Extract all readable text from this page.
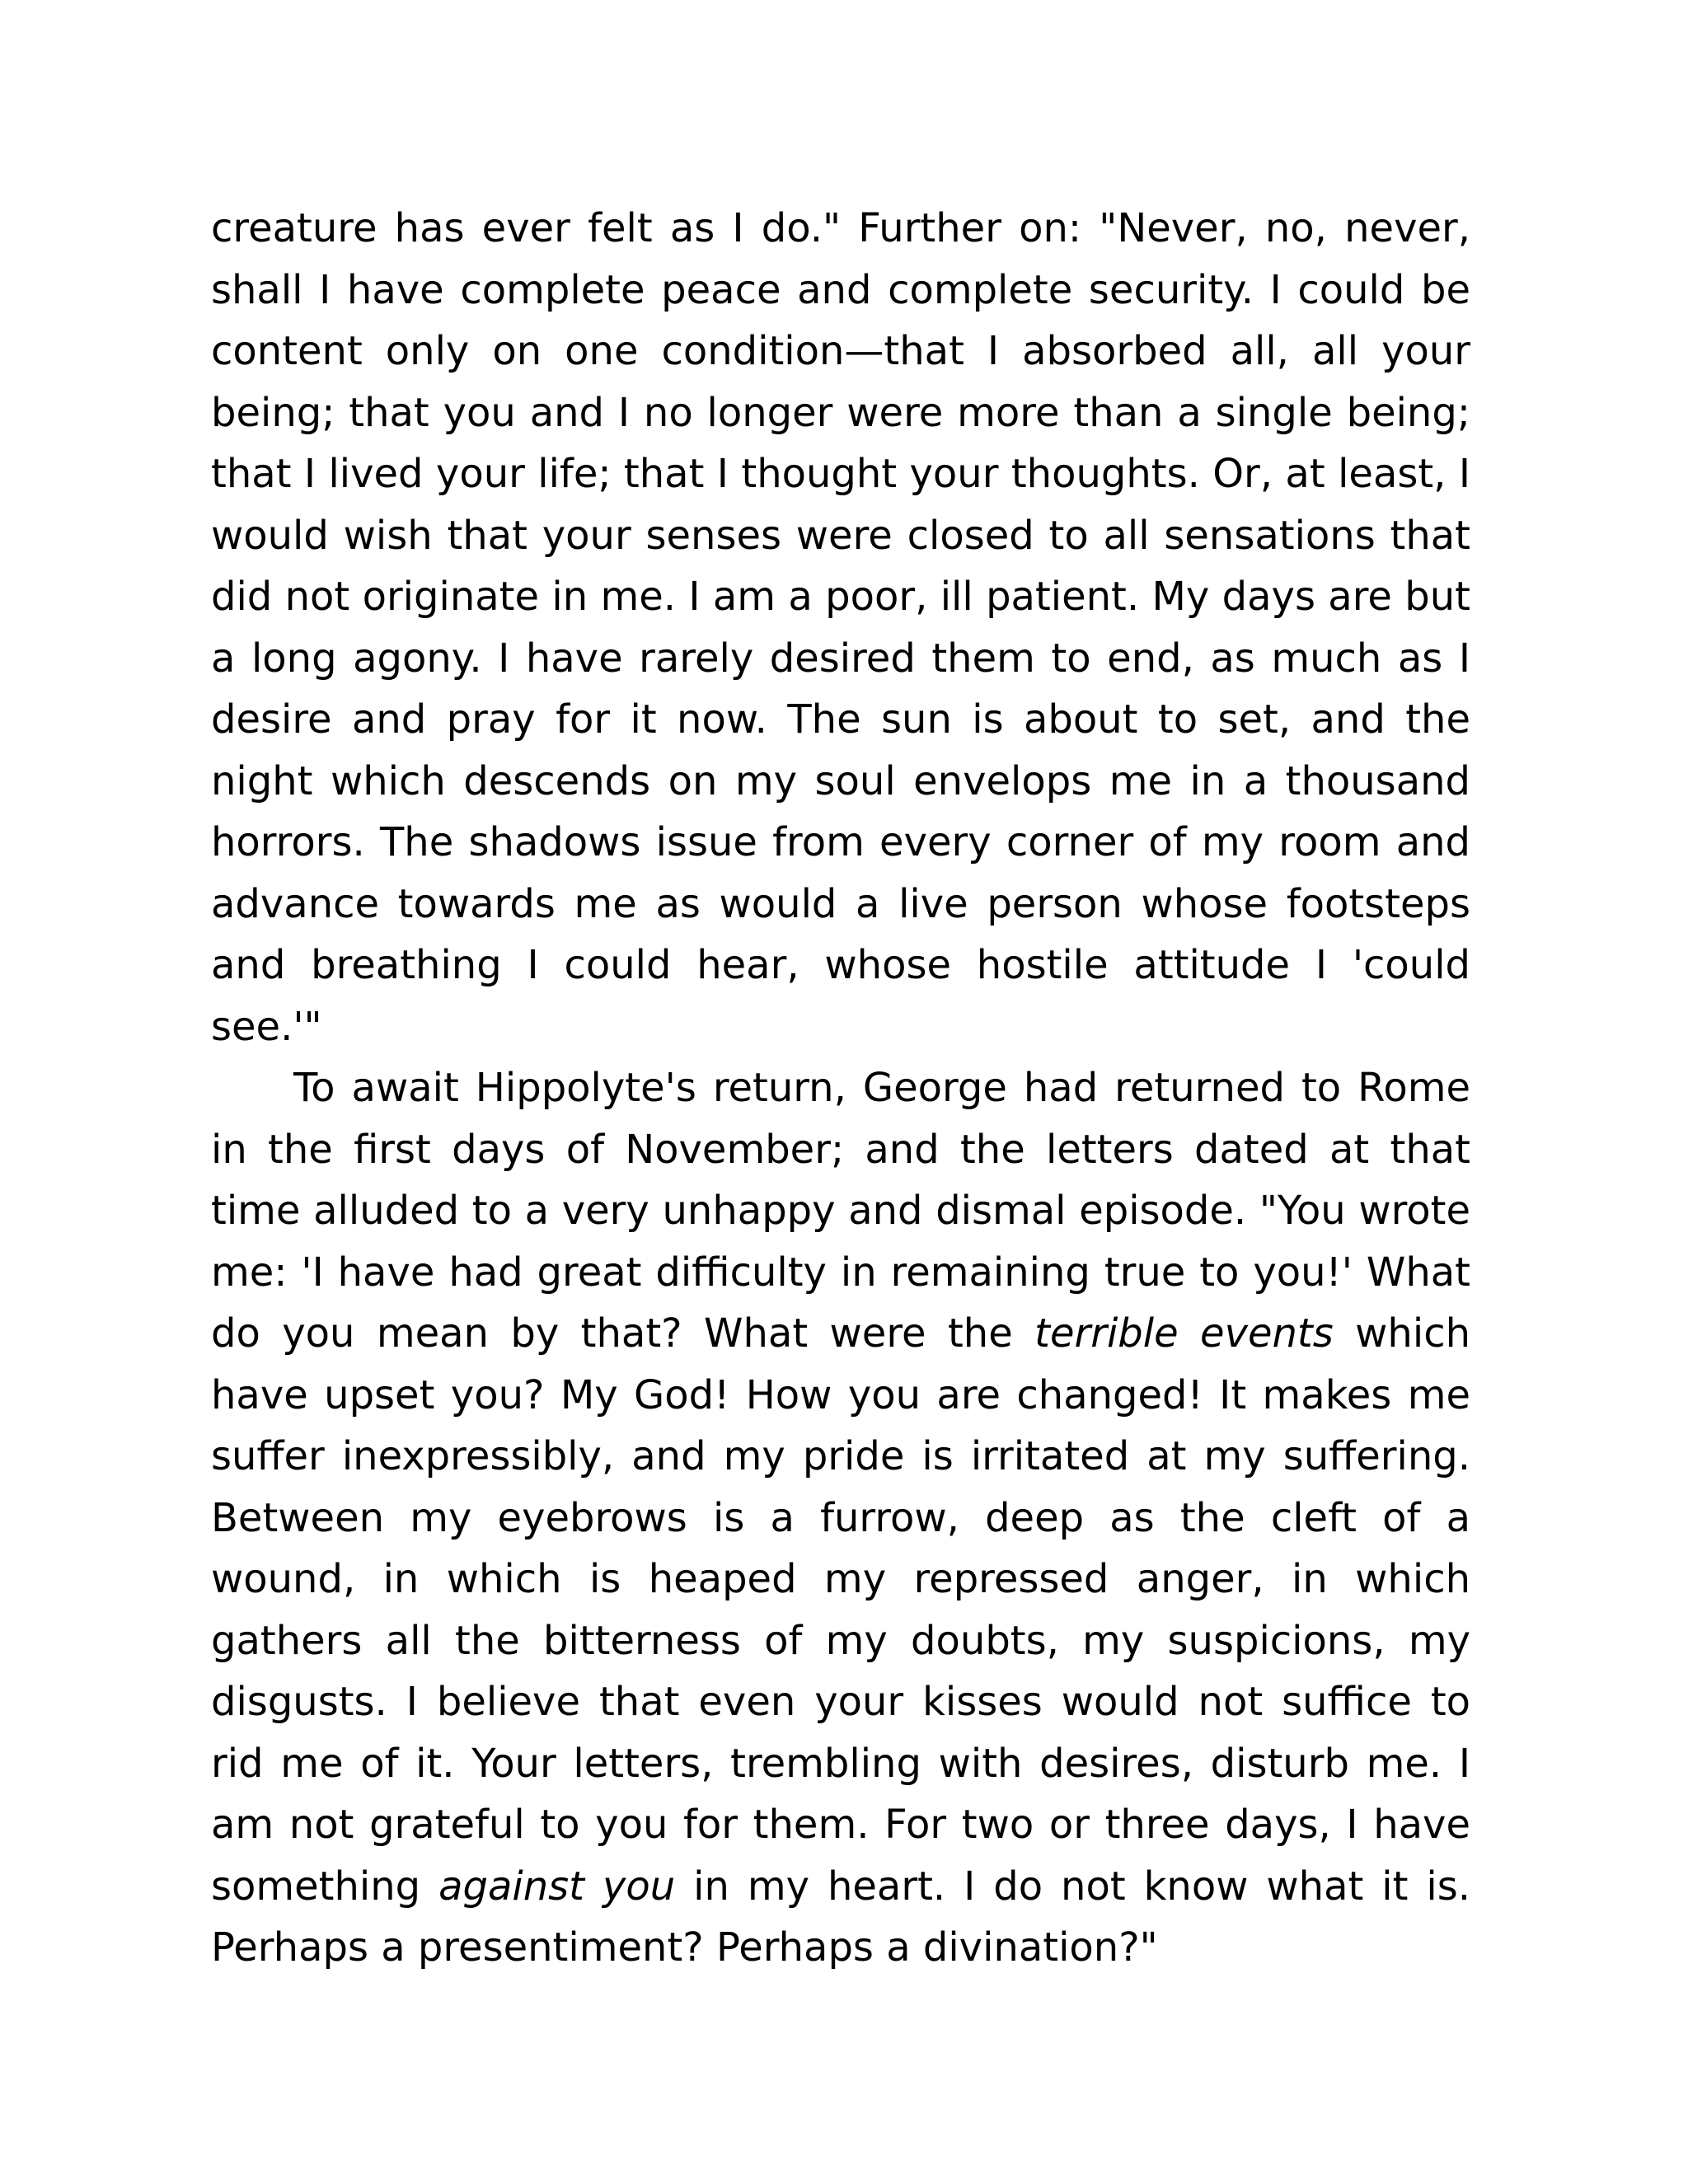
creature has ever felt as I do." Further on: "Never, no, never, shall I have complete peace and complete security. I could be content only on one condition—that I absorbed all, all your being; that you and I no longer were more than a single being; that I lived your life; that I thought your thoughts. Or, at least, I would wish that your senses were closed to all sensations that did not originate in me. I am a poor, ill patient. My days are but a long agony. I have rarely desired them to end, as much as I desire and pray for it now. The sun is about to set, and the night which descends on my soul envelops me in a thousand horrors. The shadows issue from every corner of my room and advance towards me as would a live person whose footsteps and breathing I could hear, whose hostile attitude I 'could see.'"

To await Hippolyte's return, George had returned to Rome in the first days of November; and the letters dated at that time alluded to a very unhappy and dismal episode. "You wrote me: 'I have had great difficulty in remaining true to you!' What do you mean by that? What were the terrible events which have upset you? My God! How you are changed! It makes me suffer inexpressibly, and my pride is irritated at my suffering. Between my eyebrows is a furrow, deep as the cleft of a wound, in which is heaped my repressed anger, in which gathers all the bitterness of my doubts, my suspicions, my disgusts. I believe that even your kisses would not suffice to rid me of it. Your letters, trembling with desires, disturb me. I am not grateful to you for them. For two or three days, I have something against you in my heart. I do not know what it is. Perhaps a presentiment? Perhaps a divination?"
